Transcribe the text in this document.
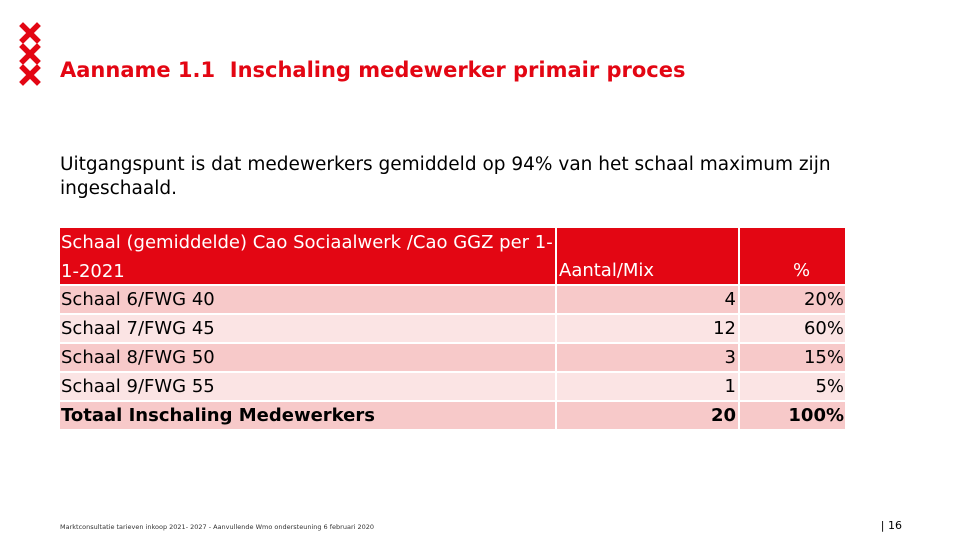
Aanname 1.1  Inschaling medewerker primair proces
Uitgangspunt is dat medewerkers gemiddeld op 94% van het schaal maximum zijn ingeschaald.
Schaal (gemiddelde) Cao Sociaalwerk /Cao GGZ per 1-1-2021	Aantal/Mix	%
Schaal 6/FWG 40	4	20%
Schaal 7/FWG 45	12	60%
Schaal 8/FWG 50	3	15%
Schaal 9/FWG 55	1	5%
Totaal Inschaling Medewerkers	20	100%
Marktconsultatie tarieven inkoop 2021- 2027 - Aanvullende Wmo ondersteuning 6 februari 2020	| 16
